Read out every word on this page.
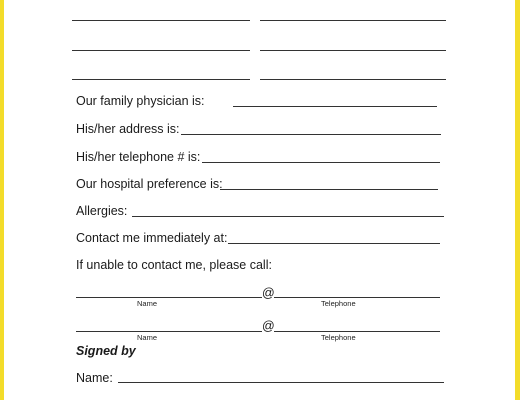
Our family physician is:
His/her address is:
His/her telephone # is:
Our hospital preference is:
Allergies:
Contact me immediately at:
If unable to contact me, please call:
@
Name	Telephone
@
Name	Telephone
Signed by
Name:
